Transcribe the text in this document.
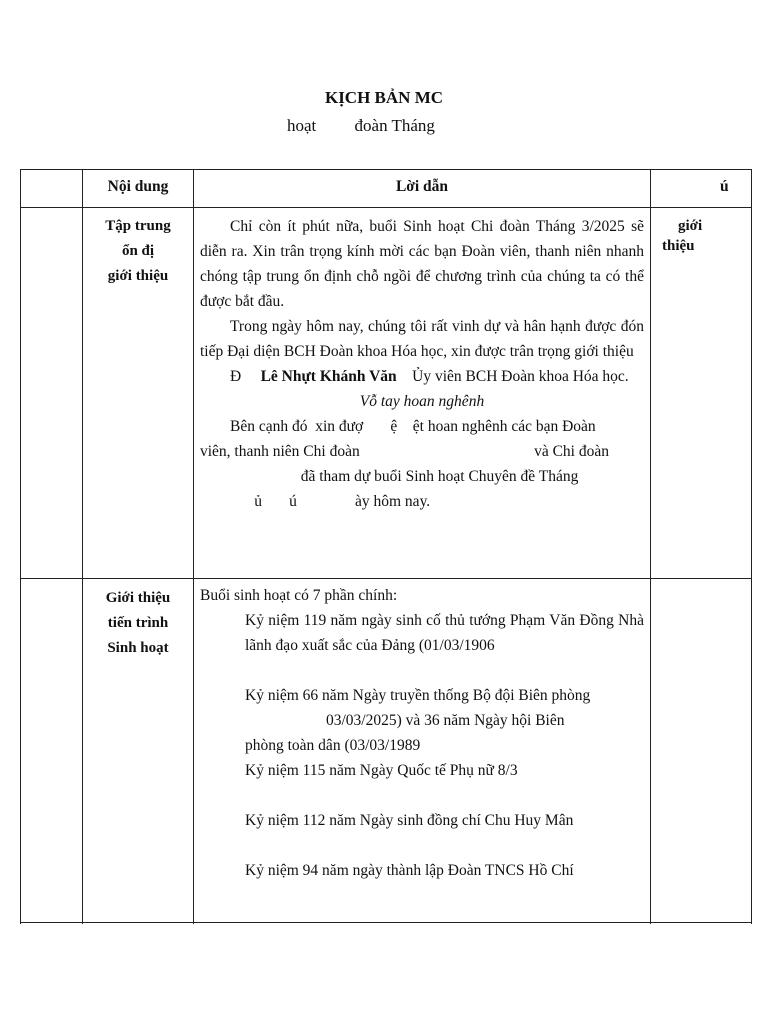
KỊCH BẢN MC
hoạt         đoàn Tháng
Nội dung	Lời dẫn	ú
Tập trung
ổn đị
giới thiệu
giới
thiệu

Chỉ còn ít phút nữa, buổi Sinh hoạt Chi đoàn Tháng 3/2025 sẽ diễn ra. Xin trân trọng kính mời các bạn Đoàn viên, thanh niên nhanh chóng tập trung ổn định chỗ ngồi để chương trình của chúng ta có thể được bắt đầu.

Trong ngày hôm nay, chúng tôi rất vinh dự và hân hạnh được đón tiếp Đại diện BCH Đoàn khoa Hóa học, xin được trân trọng giới thiệu

Đ Lê Nhựt Khánh Văn Ủy viên BCH Đoàn khoa Hóa học.

Vỗ tay hoan nghênh

Bên cạnh đó  xin đượ       ệ    ệt hoan nghênh các bạn Đoàn

viên, thanh niên Chi đoàn                                             và Chi đoàn

đã tham dự buổi Sinh hoạt Chuyên đề Tháng

ủ       ú               ày hôm nay.

Giới thiệu
tiến trình
Sinh hoạt

Buổi sinh hoạt có 7 phần chính:

Kỷ niệm 119 năm ngày sinh cố thủ tướng Phạm Văn Đồng Nhà lãnh đạo xuất sắc của Đảng (01/03/1906

Kỷ niệm 66 năm Ngày truyền thống Bộ đội Biên phòng

03/03/2025) và 36 năm Ngày hội Biên

phòng toàn dân (03/03/1989

Kỷ niệm 115 năm Ngày Quốc tế Phụ nữ 8/3

Kỷ niệm 112 năm Ngày sinh đồng chí Chu Huy Mân

Kỷ niệm 94 năm ngày thành lập Đoàn TNCS Hồ Chí
